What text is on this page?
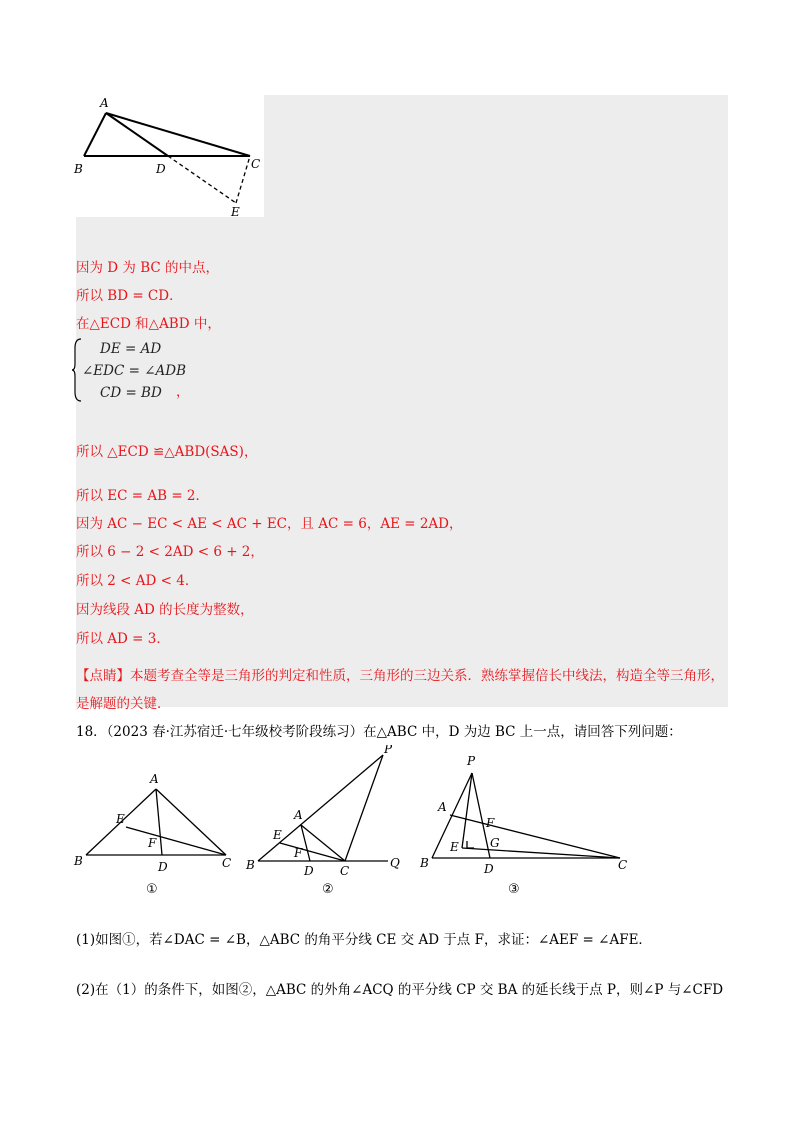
A
B	D	C
E
因为 D 为 BC 的中点，
所以 BD = CD．
在△ECD 和△ABD 中，
DE = AD
∠EDC = ∠ADB
CD = BD ，
所以 △ECD ≌△ABD(SAS)，
所以 EC = AB = 2．
因为 AC − EC < AE < AC + EC，且 AC = 6，AE = 2AD，
所以 6 − 2 < 2AD < 6 + 2，
所以 2 < AD < 4．
因为线段 AD 的长度为整数，
所以 AD = 3．
【点睛】本题考查全等是三角形的判定和性质，三角形的三边关系．熟练掌握倍长中线法，构造全等三角形，是解题的关键．
18．（2023 春·江苏宿迁·七年级校考阶段练习）在△ABC 中，D 为边 BC 上一点，请回答下列问题：
A
E
F
B	D	C
①
P
A
E
F
B	D C
Q
②
P
A
F
E	G
B	D	C
③
(1)如图①，若∠DAC = ∠B，△ABC 的角平分线 CE 交 AD 于点 F，求证：∠AEF = ∠AFE．
(2)在（1）的条件下，如图②，△ABC 的外角∠ACQ 的平分线 CP 交 BA 的延长线于点 P，则∠P 与∠CFD
